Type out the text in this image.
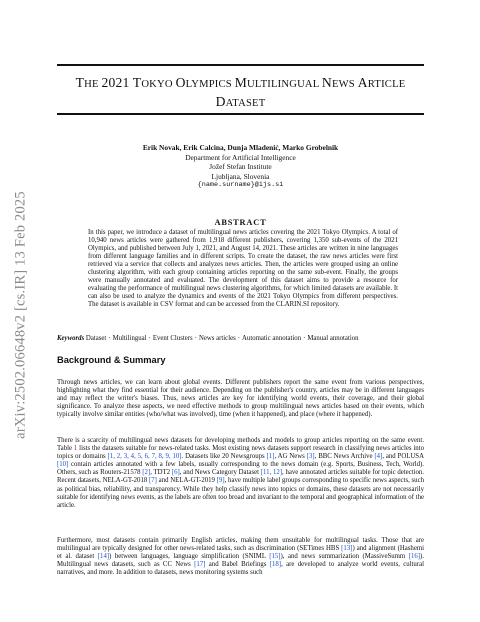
arXiv:2502.06648v2 [cs.IR] 13 Feb 2025
THE 2021 TOKYO OLYMPICS MULTILINGUAL NEWS ARTICLE
DATASET
Erik Novak, Erik Calcina, Dunja Mladenić, Marko Grobelnik
Department for Artificial Intelligence
Jožef Stefan Institute
Ljubljana, Slovenia
{name.surname}@ijs.si
ABSTRACT
In this paper, we introduce a dataset of multilingual news articles covering the 2021 Tokyo Olympics. A total of 10,940 news articles were gathered from 1,918 different publishers, covering 1,350 sub-events of the 2021 Olympics, and published between July 1, 2021, and August 14, 2021. These articles are written in nine languages from different language families and in different scripts. To create the dataset, the raw news articles were first retrieved via a service that collects and analyzes news articles. Then, the articles were grouped using an online clustering algorithm, with each group containing articles reporting on the same sub-event. Finally, the groups were manually annotated and evaluated. The development of this dataset aims to provide a resource for evaluating the performance of multilingual news clustering algorithms, for which limited datasets are available. It can also be used to analyze the dynamics and events of the 2021 Tokyo Olympics from different perspectives. The dataset is available in CSV format and can be accessed from the CLARIN.SI repository.
Keywords Dataset · Multilingual · Event Clusters · News articles · Automatic annotation · Manual annotation
Background & Summary
Through news articles, we can learn about global events. Different publishers report the same event from various perspectives, highlighting what they find essential for their audience. Depending on the publisher's country, articles may be in different languages and may reflect the writer's biases. Thus, news articles are key for identifying world events, their coverage, and their global significance. To analyze these aspects, we need effective methods to group multilingual news articles based on their events, which typically involve similar entities (who/what was involved), time (when it happened), and place (where it happened).
There is a scarcity of multilingual news datasets for developing methods and models to group articles reporting on the same event. Table 1 lists the datasets suitable for news-related tasks. Most existing news datasets support research in classifying news articles into topics or domains [1, 2, 3, 4, 5, 6, 7, 8, 9, 10]. Datasets like 20 Newsgroups [1], AG News [3], BBC News Archive [4], and POLUSA [10] contain articles annotated with a few labels, usually corresponding to the news domain (e.g. Sports, Business, Tech, World). Others, such as Routers-21578 [2], TDT2 [6], and News Category Dataset [11, 12], have annotated articles suitable for topic detection. Recent datasets, NELA-GT-2018 [7] and NELA-GT-2019 [9], have multiple label groups corresponding to specific news aspects, such as political bias, reliability, and transparency. While they help classify news into topics or domains, these datasets are not necessarily suitable for identifying news events, as the labels are often too broad and invariant to the temporal and geographical information of the article.
Furthermore, most datasets contain primarily English articles, making them unsuitable for multilingual tasks. Those that are multilingual are typically designed for other news-related tasks, such as discrimination (SETimes HBS [13]) and alignment (Hashemi et al. dataset [14]) between languages, language simplification (SNIML [15]), and news summarization (MassiveSumm [16]). Multilingual news datasets, such as CC News [17] and Babel Briefings [18], are developed to analyze world events, cultural narratives, and more. In addition to datasets, news monitoring systems such
